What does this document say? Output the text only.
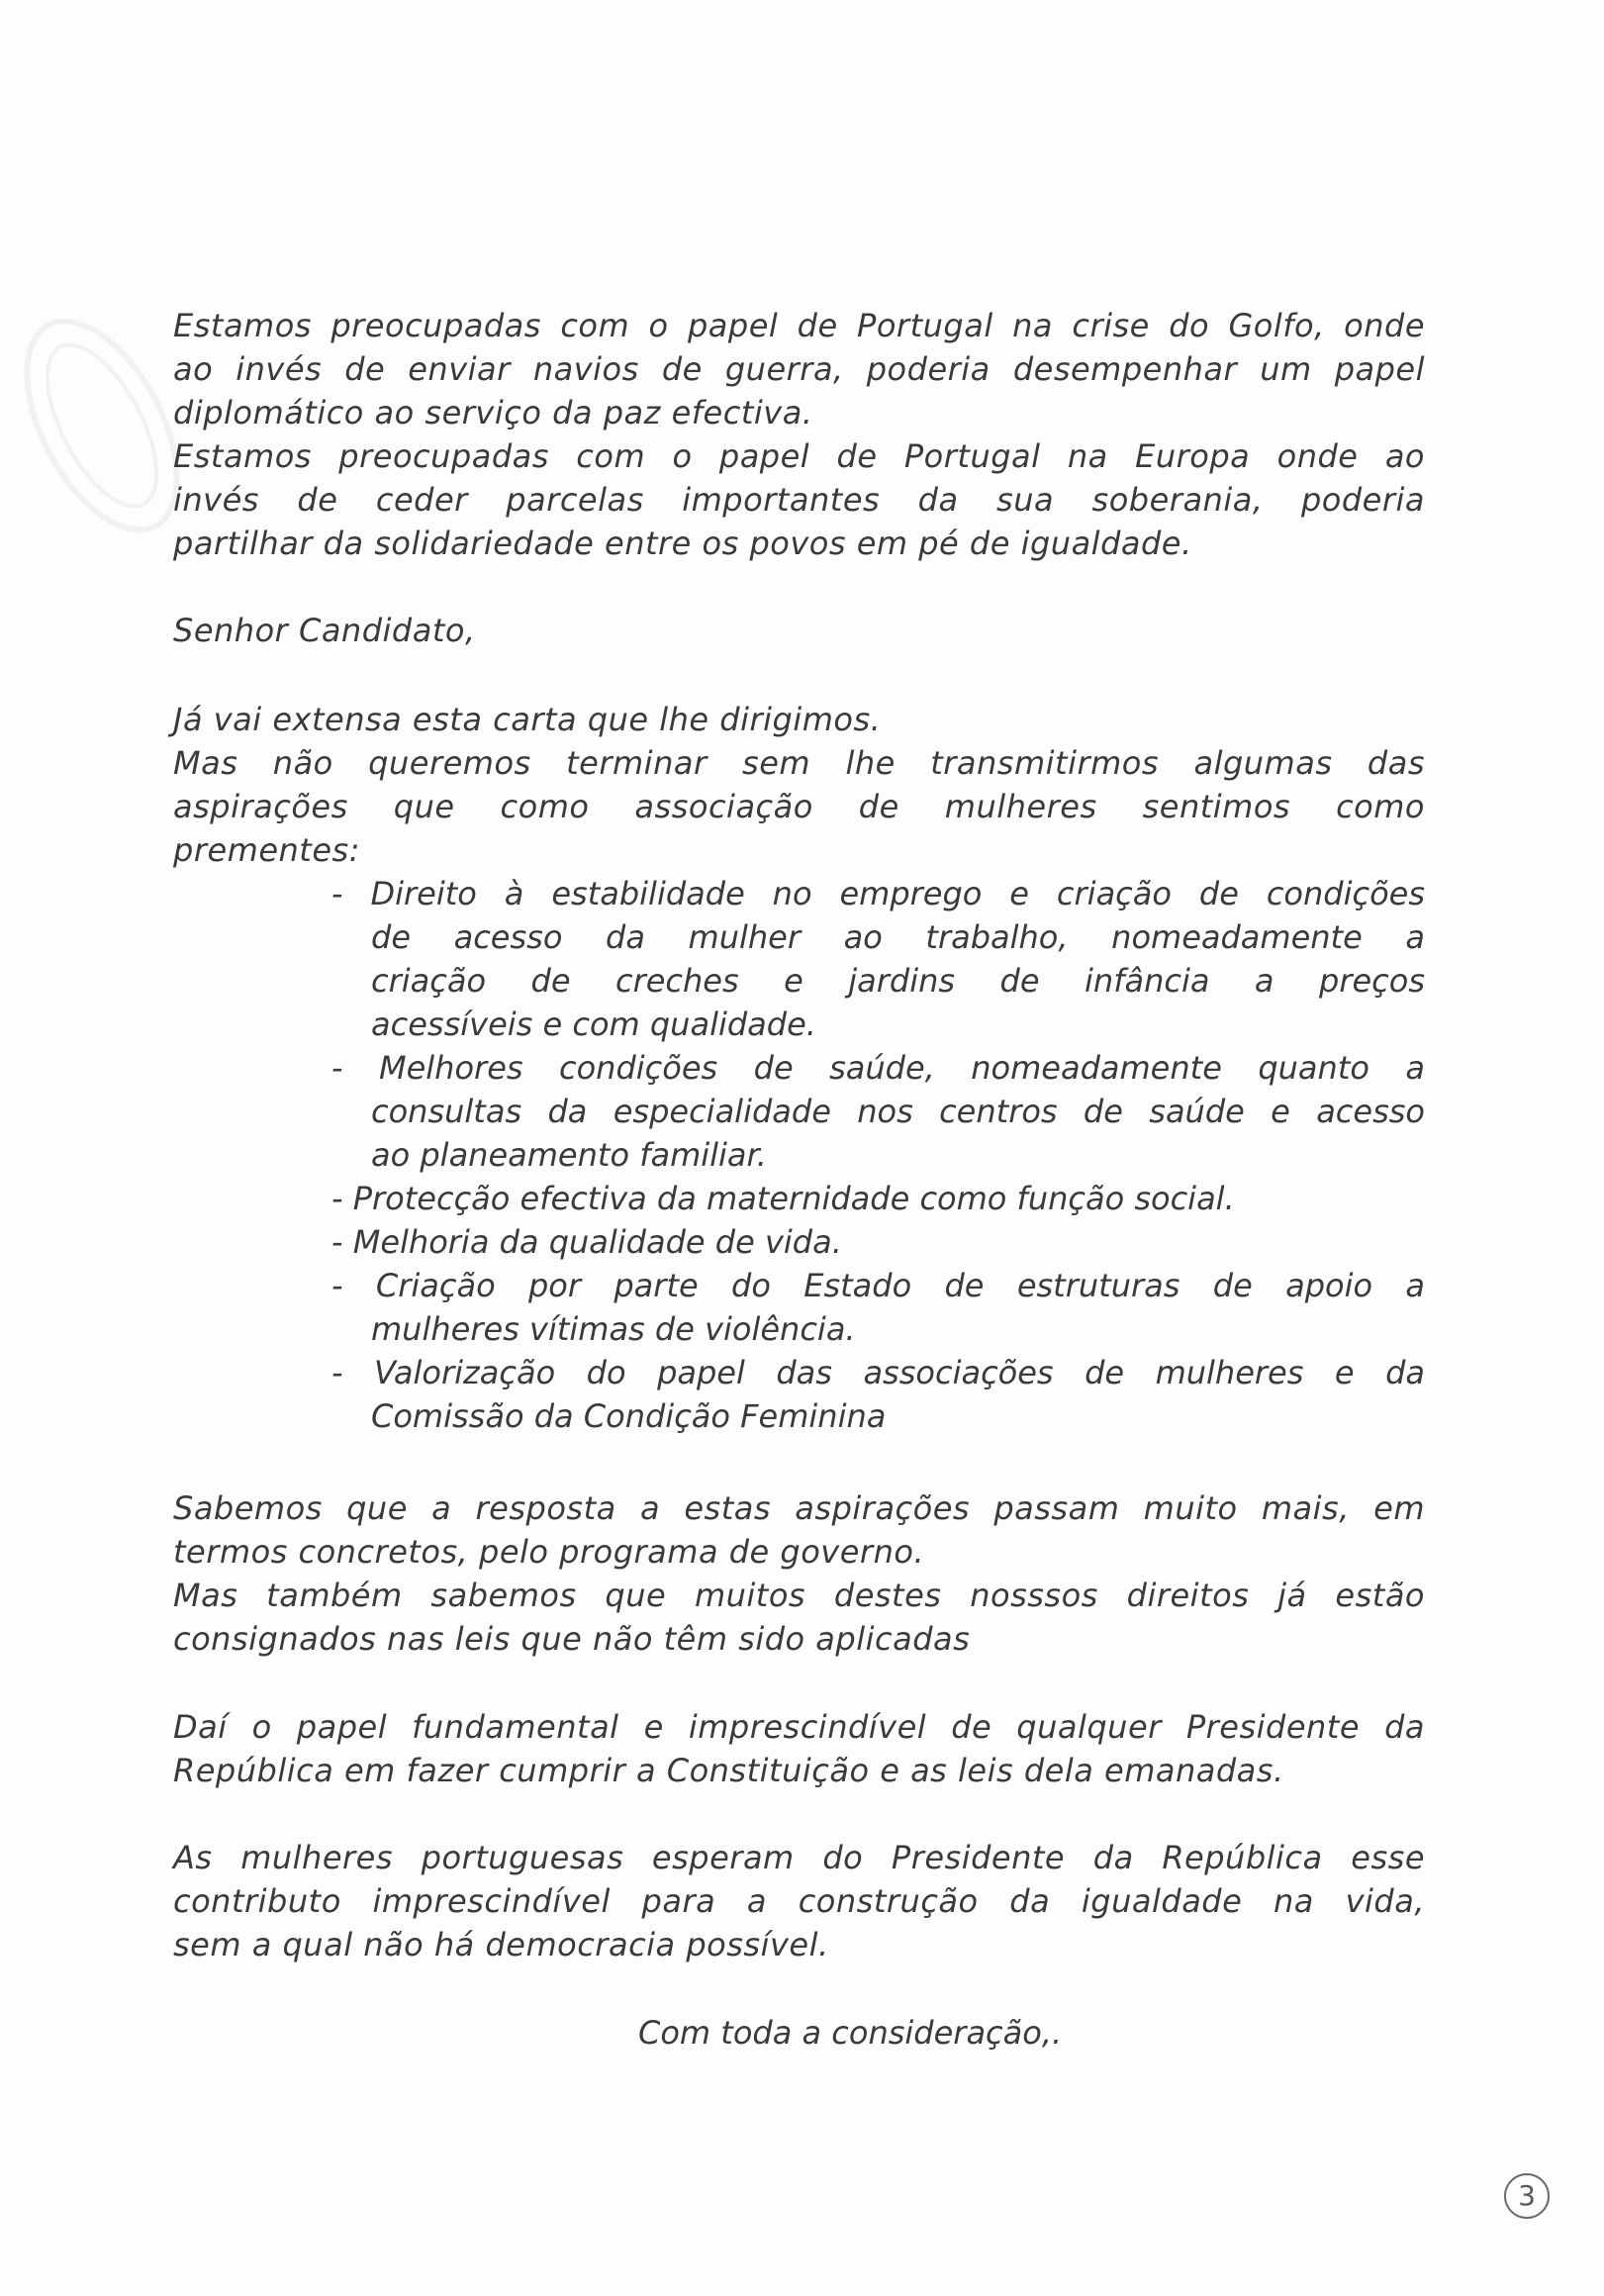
Estamos preocupadas com o papel de Portugal na crise do Golfo, onde
ao invés de enviar navios de guerra, poderia desempenhar um papel
diplomático ao serviço da paz efectiva.
Estamos preocupadas com o papel de Portugal na Europa onde ao
invés de ceder parcelas importantes da sua soberania, poderia
partilhar da solidariedade entre os povos em pé de igualdade.
Senhor Candidato,
Já vai extensa esta carta que lhe dirigimos.
Mas não queremos terminar sem lhe transmitirmos algumas das
aspirações que como associação de mulheres sentimos como
prementes:
- Direito à estabilidade no emprego e criação de condições
de acesso da mulher ao trabalho, nomeadamente a
criação de creches e jardins de infância a preços
acessíveis e com qualidade.
- Melhores condições de saúde, nomeadamente quanto a
consultas da especialidade nos centros de saúde e acesso
ao planeamento familiar.
- Protecção efectiva da maternidade como função social.
- Melhoria da qualidade de vida.
- Criação por parte do Estado de estruturas de apoio a
mulheres vítimas de violência.
- Valorização do papel das associações de mulheres e da
Comissão da Condição Feminina
Sabemos que a resposta a estas aspirações passam muito mais, em
termos concretos, pelo programa de governo.
Mas também sabemos que muitos destes nosssos direitos já estão
consignados nas leis que não têm sido aplicadas
Daí o papel fundamental e imprescindível de qualquer Presidente da
República em fazer cumprir a Constituição e as leis dela emanadas.
As mulheres portuguesas esperam do Presidente da República esse
contributo imprescindível para a construção da igualdade na vida,
sem a qual não há democracia possível.
Com toda a consideração,.
3
